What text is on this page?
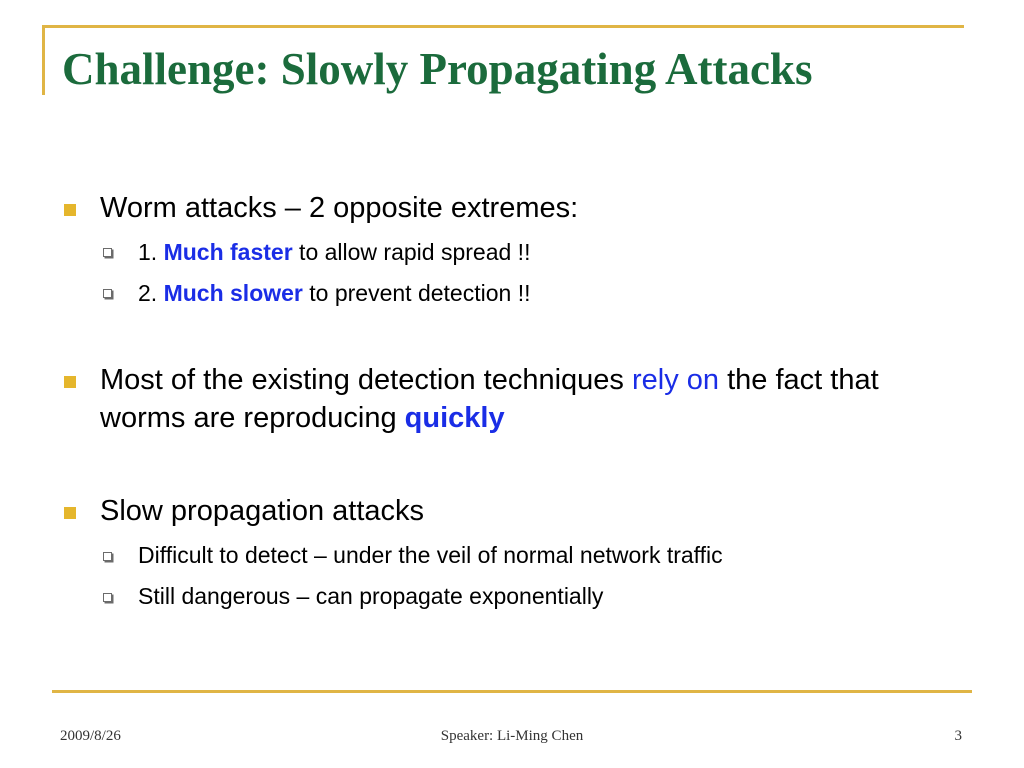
Challenge: Slowly Propagating Attacks
Worm attacks – 2 opposite extremes:
1. Much faster to allow rapid spread !!
2. Much slower to prevent detection !!
Most of the existing detection techniques rely on the fact that worms are reproducing quickly
Slow propagation attacks
Difficult to detect – under the veil of normal network traffic
Still dangerous – can propagate exponentially
2009/8/26	Speaker: Li-Ming Chen	3
